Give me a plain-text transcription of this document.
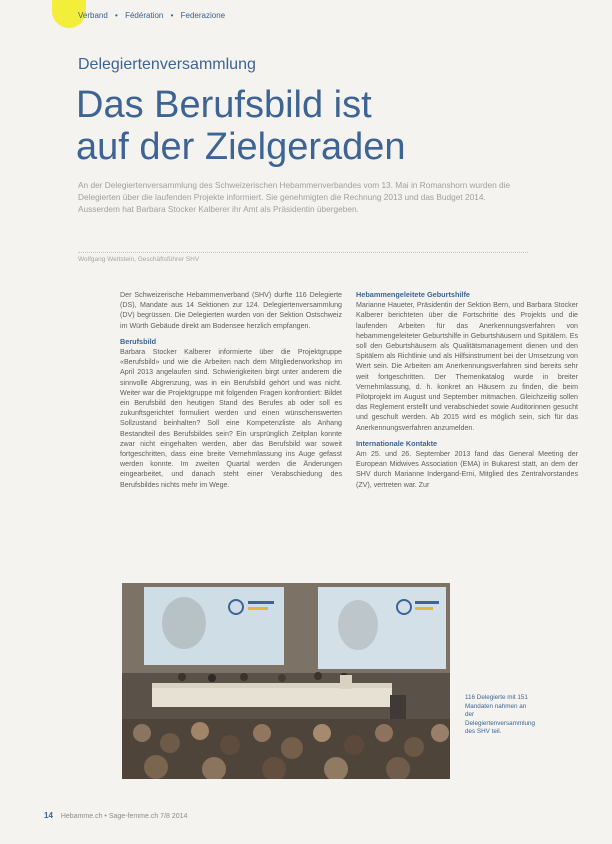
Verband • Fédération • Federazione
Delegiertenversammlung
Das Berufsbild ist
auf der Zielgeraden
An der Delegiertenversammlung des Schweizerischen Hebammenverbandes vom 13. Mai in Romanshorn wurden die Delegierten über die laufenden Projekte informiert. Sie genehmigten die Rechnung 2013 und das Budget 2014. Ausserdem hat Barbara Stocker Kalberer ihr Amt als Präsidentin übergeben.
Wolfgang Wettstein, Geschäftsführer SHV

Der Schweizerische Hebammenverband (SHV) durfte 116 Delegierte (DS), Mandate aus 14 Sektionen zur 124. Delegiertenversammlung (DV) begrüssen. Die Delegierten wurden von der Sektion Ostschweiz im Würth Gebäude direkt am Bodensee herzlich empfangen.

Berufsbild

Barbara Stocker Kalberer informierte über die Projektgruppe «Berufsbild» und wie die Arbeiten nach dem Mitgliederworkshop im April 2013 angelaufen sind. Schwierigkeiten birgt unter anderem die sinnvolle Abgrenzung, was in ein Berufsbild gehört und was nicht. Weiter war die Projektgruppe mit folgenden Fragen konfrontiert: Bildet ein Berufsbild den heutigen Stand des Berufes ab oder soll es zukunftsgerichtet formuliert werden und einen wünschenswerten Sollzustand beinhalten? Soll eine Kompetenzliste als Anhang Bestandteil des Berufsbildes sein? Ein ursprünglich Zeitplan konnte zwar nicht eingehalten werden, aber das Berufsbild war soweit fortgeschritten, dass eine breite Vernehmlassung ins Auge gefasst werden konnte. Im zweiten Quartal werden die Änderungen eingearbeitet, und danach steht einer Verabschiedung des Berufsbildes nichts mehr im Wege.

Hebammengeleitete Geburtshilfe

Marianne Haueter, Präsidentin der Sektion Bern, und Barbara Stocker Kalberer berichteten über die Fortschritte des Projekts und die laufenden Arbeiten für das Anerkennungsverfahren von hebammengeleiteter Geburtshilfe in Geburtshäusern und Spitälern. Es soll den Geburtshäusern als Qualitätsmanagement dienen und den Spitälern als Richtlinie und als Hilfsinstrument bei der Umsetzung von Wert sein. Die Arbeiten am Anerkennungsverfahren sind bereits sehr weit fortgeschritten. Der Themenkatalog wurde in breiter Vernehmlassung, d. h. konkret an Häusern zu finden, die beim Pilotprojekt im August und September mitmachen. Gleichzeitig sollen das Reglement erstellt und verabschiedet sowie Auditorinnen gesucht und geschult werden. Ab 2015 wird es möglich sein, sich für das Anerkennungsverfahren anzumelden.

Internationale Kontakte

Am 25. und 26. September 2013 fand das General Meeting der European Midwives Association (EMA) in Bukarest statt, an dem der SHV durch Marianne Indergand-Erni, Mitglied des Zentralvorstandes (ZV), vertreten war. Zur

116 Delegierte mit 151 Mandaten nahmen an der Delegiertenversammlung des SHV teil.
14 Hebamme.ch • Sage-femme.ch 7/8 2014
